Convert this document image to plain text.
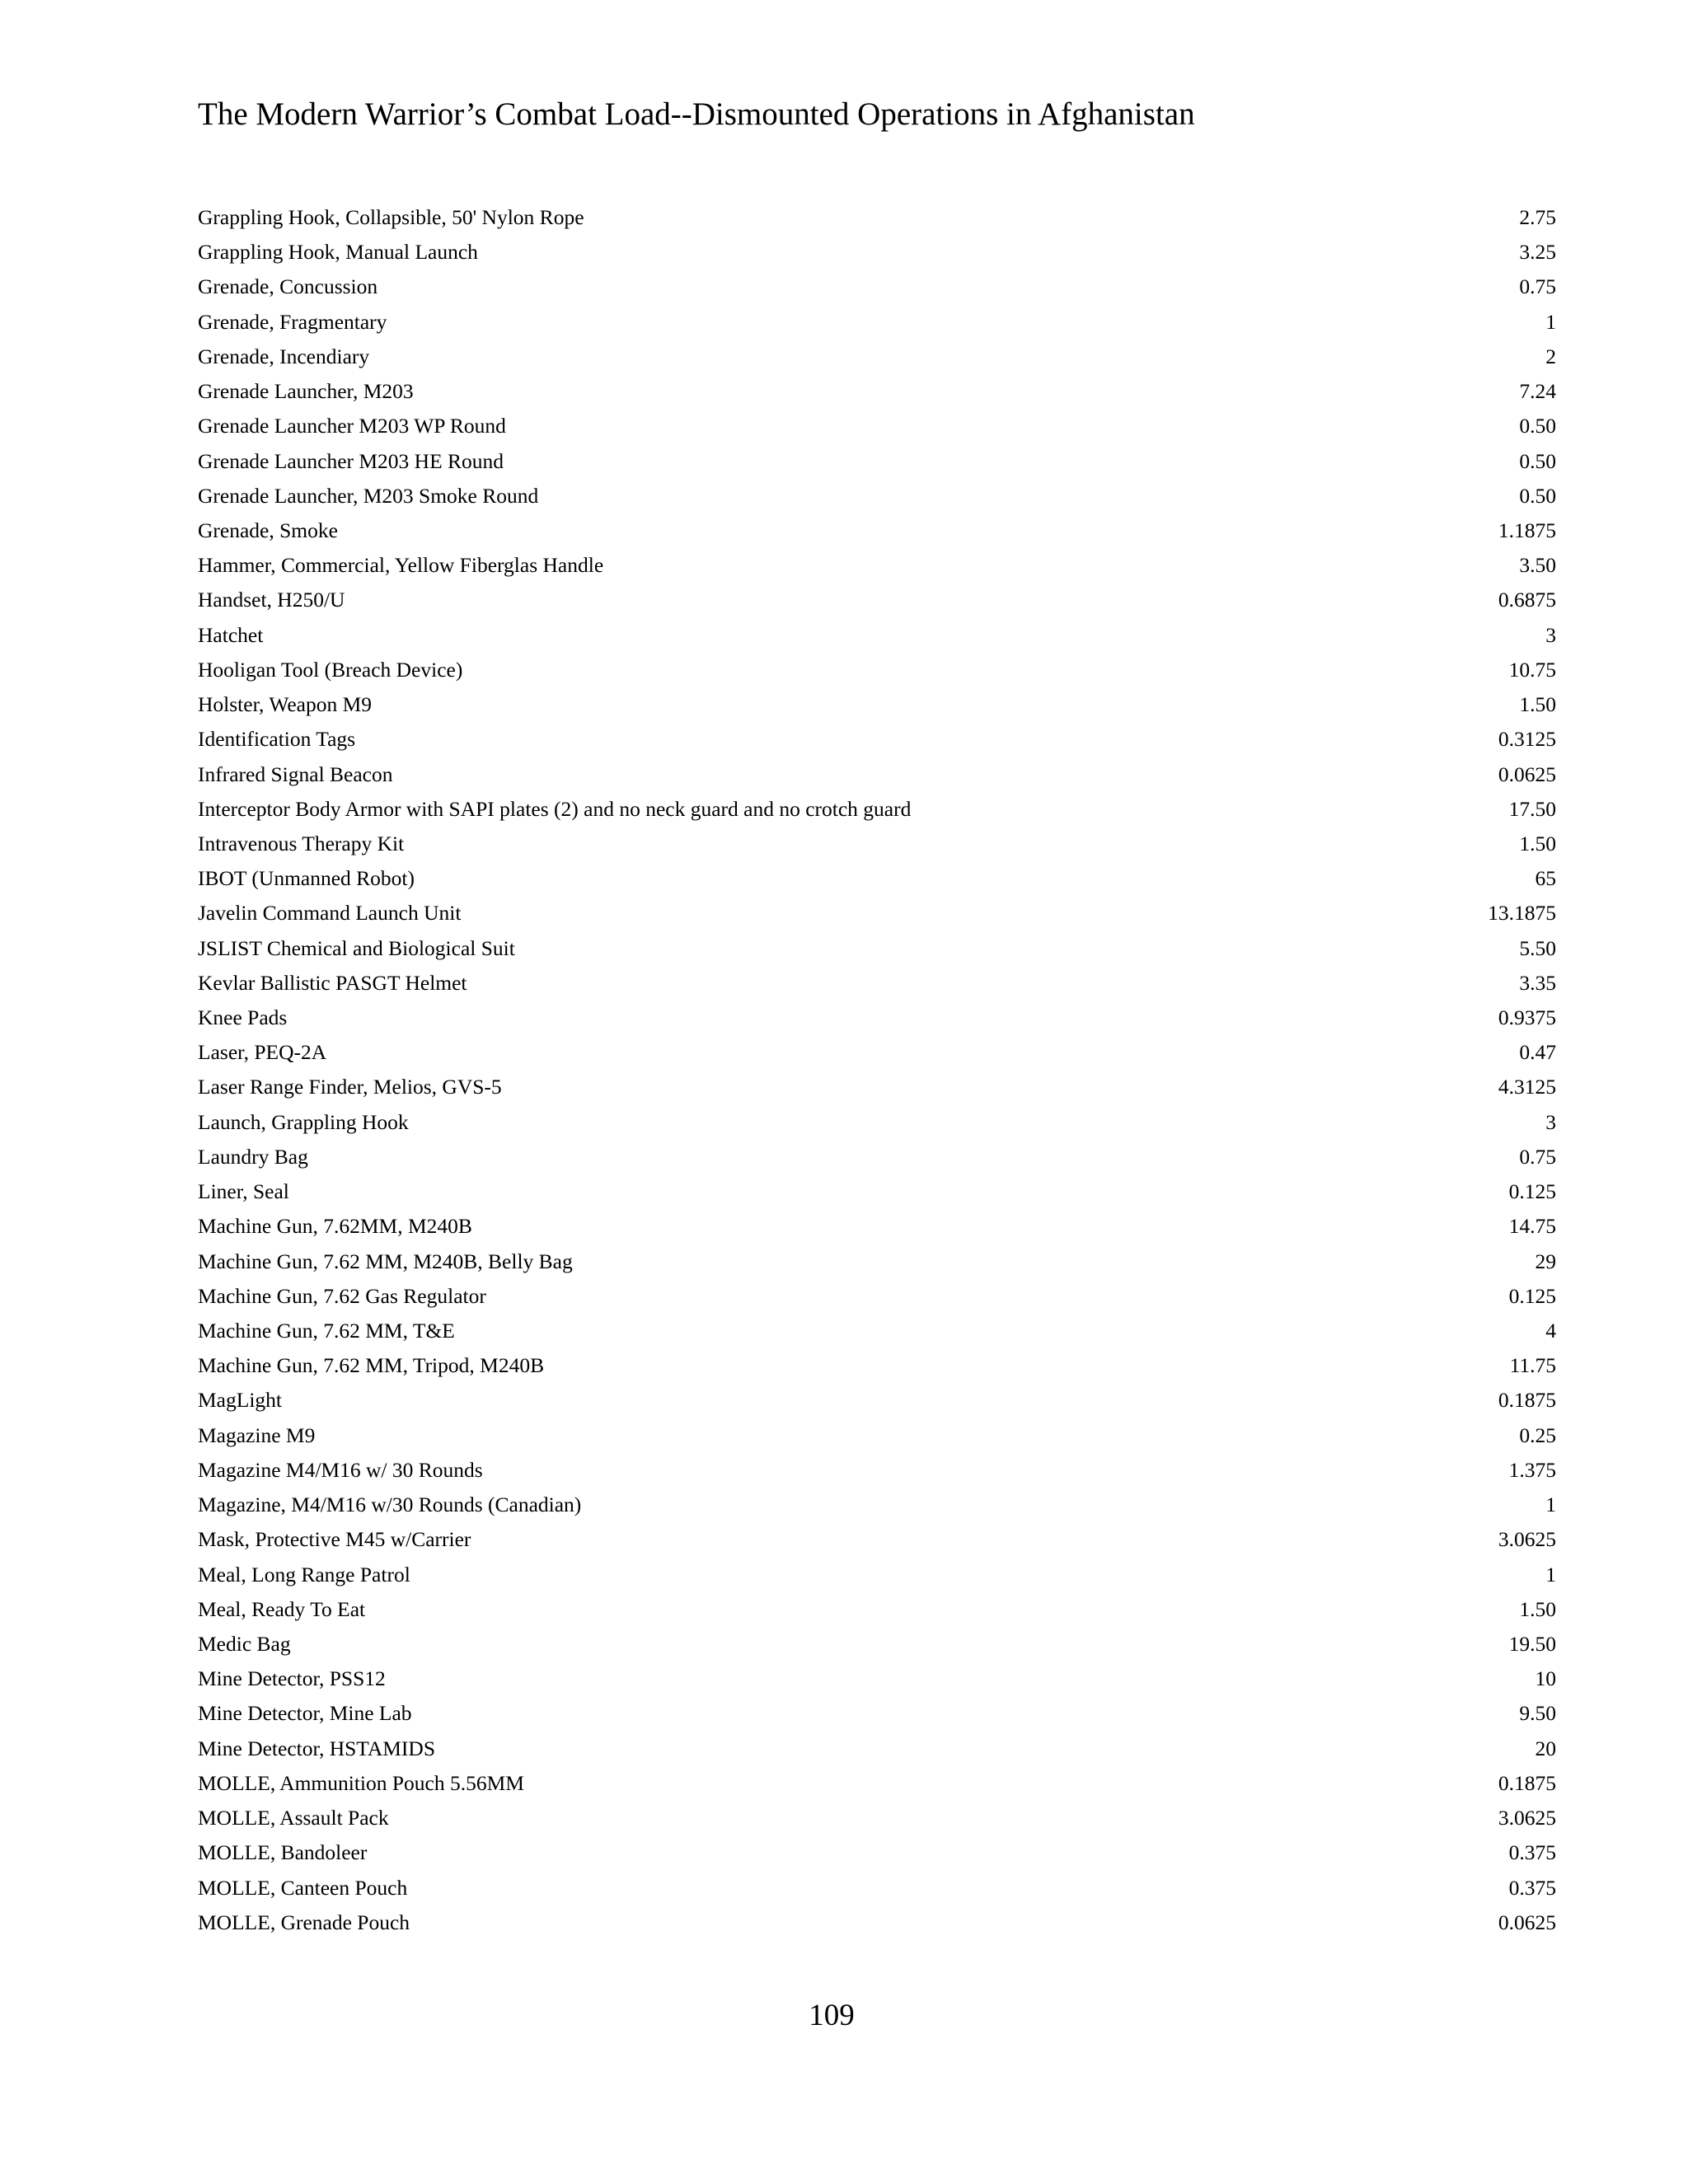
The Modern Warrior’s Combat Load--Dismounted Operations in Afghanistan
Grappling Hook, Collapsible, 50' Nylon Rope	2.75
Grappling Hook, Manual Launch	3.25
Grenade, Concussion	0.75
Grenade, Fragmentary	1
Grenade, Incendiary	2
Grenade Launcher, M203	7.24
Grenade Launcher M203 WP Round	0.50
Grenade Launcher M203 HE Round	0.50
Grenade Launcher, M203 Smoke Round	0.50
Grenade, Smoke	1.1875
Hammer, Commercial, Yellow Fiberglas Handle	3.50
Handset, H250/U	0.6875
Hatchet	3
Hooligan Tool (Breach Device)	10.75
Holster, Weapon M9	1.50
Identification Tags	0.3125
Infrared Signal Beacon	0.0625
Interceptor Body Armor with SAPI plates (2) and no neck guard and no crotch guard	17.50
Intravenous Therapy Kit	1.50
IBOT (Unmanned Robot)	65
Javelin Command Launch Unit	13.1875
JSLIST Chemical and Biological Suit	5.50
Kevlar Ballistic PASGT Helmet	3.35
Knee Pads	0.9375
Laser, PEQ-2A	0.47
Laser Range Finder, Melios, GVS-5	4.3125
Launch, Grappling Hook	3
Laundry Bag	0.75
Liner, Seal	0.125
Machine Gun, 7.62MM, M240B	14.75
Machine Gun, 7.62 MM, M240B, Belly Bag	29
Machine Gun, 7.62 Gas Regulator	0.125
Machine Gun, 7.62 MM, T&E	4
Machine Gun, 7.62 MM, Tripod, M240B	11.75
MagLight	0.1875
Magazine M9	0.25
Magazine M4/M16 w/ 30 Rounds	1.375
Magazine, M4/M16 w/30 Rounds (Canadian)	1
Mask, Protective M45 w/Carrier	3.0625
Meal, Long Range Patrol	1
Meal, Ready To Eat	1.50
Medic Bag	19.50
Mine Detector, PSS12	10
Mine Detector, Mine Lab	9.50
Mine Detector, HSTAMIDS	20
MOLLE, Ammunition Pouch 5.56MM	0.1875
MOLLE, Assault Pack	3.0625
MOLLE, Bandoleer	0.375
MOLLE, Canteen Pouch	0.375
MOLLE, Grenade Pouch	0.0625
109
